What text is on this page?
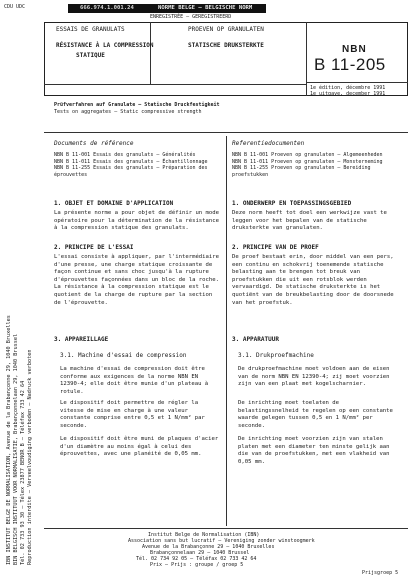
CDU UDC
IBN INSTITUT BELGE DE NORMALISATION, Avenue de la Brabançonne 29, 1040 Bruxelles BIN BELGISCH INSTITUUT VOOR NORMALISATIE, Brabançonnelaan 29, 1040 Brussel Tél. 02 733 93 30 — Télex 23877 BENOR B — Téléfax 733 42 64 Reproduction interdite — Verveelvoudiging verboden — Nadruck verboten
666.974.1.001.24	NORME BELGE — BELGISCHE NORM
ENREGISTRÉE — GEREGISTREERD
ESSAIS DE GRANULATS
RÉSISTANCE À LA COMPRESSION
STATIQUE
PROEVEN OP GRANULATEN
STATISCHE DRUKSTERKTE	NBN
B 11-205
1e édition, décembre 1991
1e uitgave, december 1991
Prüfverfahren auf Granulate — Statische Druckfestigkeit
Tests on aggregates — Static compressive strength
Documents de référence
NBN B 11-001 Essais des granulats — Généralités
NBN B 11-011 Essais des granulats — Échantillonnage
NBN B 11-255 Essais des granulats — Préparation des éprouvettes
1. OBJET ET DOMAINE D'APPLICATION
La présente norme a pour objet de définir un mode opératoire pour la détermination de la résistance à la compression statique des granulats.
2. PRINCIPE DE L'ESSAI
L'essai consiste à appliquer, par l'intermédiaire d'une presse, une charge statique croissante de façon continue et sans choc jusqu'à la rupture d'éprouvettes façonnées dans un bloc de la roche. La résistance à la compression statique est le quotient de la charge de rupture par la section de l'éprouvette.
3. APPAREILLAGE
3.1. Machine d'essai de compression
La machine d'essai de compression doit être conforme aux exigences de la norme NBN EN 12390-4; elle doit être munie d'un plateau à rotule.
Le dispositif doit permettre de régler la vitesse de mise en charge à une valeur constante comprise entre 0,5 et 1 N/mm² par seconde.
Le dispositif doit être muni de plaques d'acier d'un diamètre au moins égal à celui des éprouvettes, avec une planéité de 0,05 mm.
Referentiedocumenten
NBN B 11-001 Proeven op granulaten — Algemeenheden
NBN B 11-011 Proeven op granulaten — Monsterneming
NBN B 11-255 Proeven op granulaten — Bereiding proefstukken
1. ONDERWERP EN TOEPASSINGSGEBIED
Deze norm heeft tot doel een werkwijze vast te leggen voor het bepalen van de statische druksterkte van granulaten.
2. PRINCIPE VAN DE PROEF
De proef bestaat erin, door middel van een pers, een continu en schokvrij toenemende statische belasting aan te brengen tot breuk van proefstukken die uit een rotsblok werden vervaardigd. De statische druksterkte is het quotiënt van de breukbelasting door de doorsnede van het proefstuk.
3. APPARATUUR
3.1. Drukproefmachine
De drukproefmachine moet voldoen aan de eisen van de norm NBN EN 12390-4; zij moet voorzien zijn van een plaat met kogelscharnier.
De inrichting moet toelaten de belastingssnelheid te regelen op een constante waarde gelegen tussen 0,5 en 1 N/mm² per seconde.
De inrichting moet voorzien zijn van stalen platen met een diameter ten minste gelijk aan die van de proefstukken, met een vlakheid van 0,05 mm.
Institut Belge de Normalisation (IBN)
Association sans but lucratif — Vereniging zonder winstoogmerk
Avenue de la Brabançonne 29 — 1040 Bruxelles
Brabançonnelaan 29 — 1040 Brussel
Tél. 02 734 92 05 — Téléfax 02 733 42 64
Prix — Prijs : groupe / groep 5
Prijsgroep 5
